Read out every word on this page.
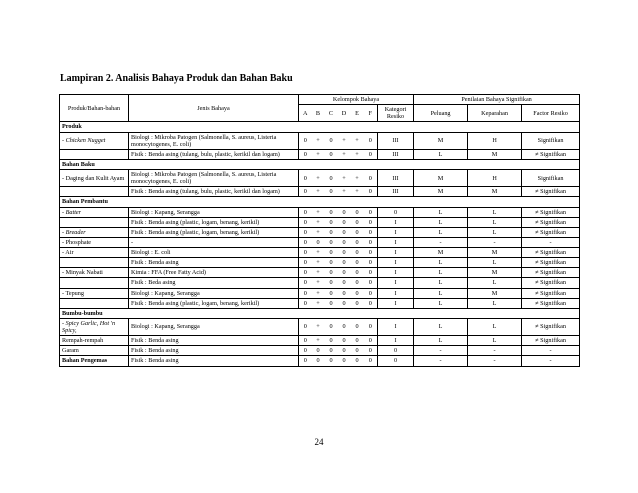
Lampiran 2. Analisis Bahaya Produk dan Bahan Baku
Produk/Bahan-bahan	Jenis Bahaya	Kelompok Bahaya							Penilaian Bahaya Signifikan		
		A	B	C	D	E	F	Kategori Resiko	Peluang	Keparahan	Factor Resiko
Produk											
- Chicken Nugget	Biologi : Mikroba Patogen (Salmonella, S. aureus, Listeria monocytogenes, E. coli)	0	+	0	+	+	0	III	M	H	Signifikan
	Fisik : Benda asing (tulang, bulu, plastic, kerikil dan logam)	0	+	0	+	+	0	III	L	M	≠ Signifikan
Bahan Baku											
- Daging dan Kulit Ayam	Biologi : Mikroba Patogen (Salmonella, S. aureus, Listeria monocytogenes, E. coli)	0	+	0	+	+	0	III	M	H	Signifikan
	Fisik : Benda asing (tulang, bulu, plastic, kerikil dan logam)	0	+	0	+	+	0	III	M	M	≠ Signifikan
Bahan Pembantu											
- Batter	Biologi : Kapang, Serangga	0	+	0	0	0	0	0	L	L	≠ Signifikan
	Fisik : Benda asing (plastic, logam, benang, kerikil)	0	+	0	0	0	0	I	L	L	≠ Signifikan
- Breader	Fisik : Benda asing (plastic, logam, benang, kerikil)	0	+	0	0	0	0	I	L	L	≠ Signifikan
- Phosphate	-	0	0	0	0	0	0	I	-	-	-
- Air	Biologi : E. coli	0	+	0	0	0	0	I	M	M	≠ Signifikan
	Fisik : Benda asing	0	+	0	0	0	0	I	L	L	≠ Signifikan
- Minyak Nabati	Kimia : FFA (Free Fatty Acid)	0	+	0	0	0	0	I	L	M	≠ Signifikan
	Fisik : Beda asing	0	+	0	0	0	0	I	L	L	≠ Signifikan
- Tepung	Biologi : Kapang, Serangga	0	+	0	0	0	0	I	L	M	≠ Signifikan
	Fisik : Benda asing (plastic, logam, benang, kerikil)	0	+	0	0	0	0	I	L	L	≠ Signifikan
Bumbu-bumbu											
- Spicy Garlic, Hot 'n Spicy,	Biologi : Kapang, Serangga	0	+	0	0	0	0	I	L	L	≠ Signifikan
Rempah-rempah	Fisik : Benda asing	0	+	0	0	0	0	I	L	L	≠ Signifikan
Garam	Fisik : Benda asing	0	0	0	0	0	0	0	-	-	-
Bahan Pengemas	Fisik : Benda asing	0	0	0	0	0	0	0	-	-	-
24
